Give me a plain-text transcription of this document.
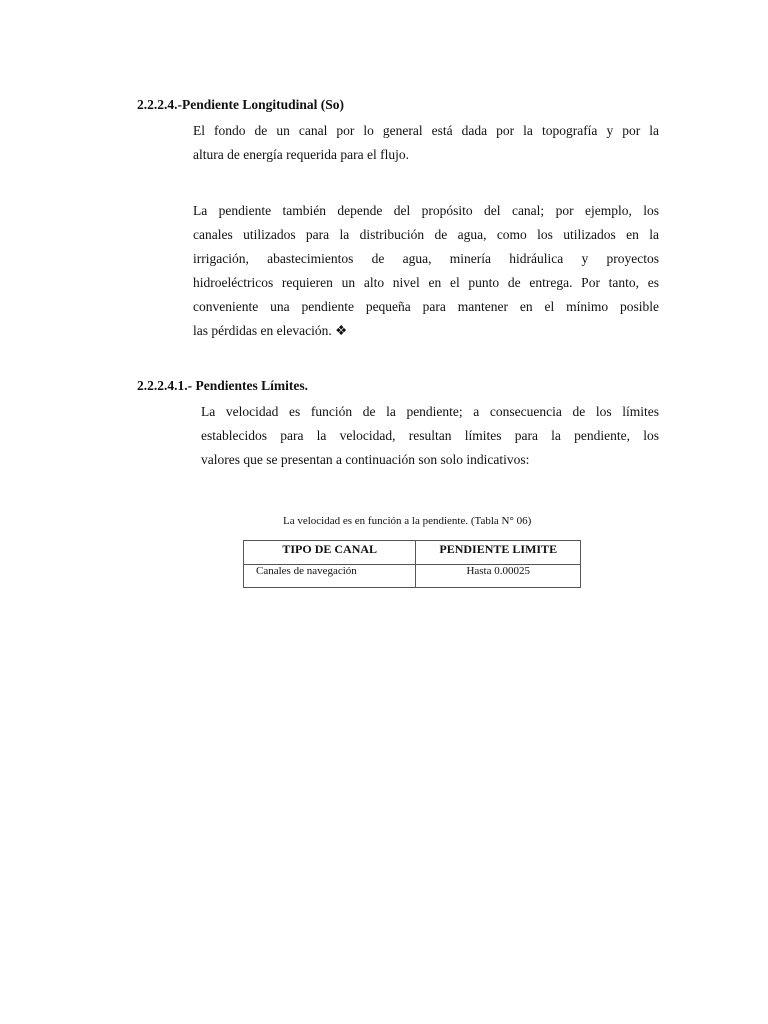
2.2.2.4.-Pendiente Longitudinal (So)
El fondo de un canal por lo general está dada por la topografía y por la
altura de energía requerida para el flujo.
La pendiente también depende del propósito del canal; por ejemplo, los
canales utilizados para la distribución de agua, como los utilizados en la
irrigación, abastecimientos de agua, minería hidráulica y proyectos
hidroeléctricos requieren un alto nivel en el punto de entrega. Por tanto, es
conveniente una pendiente pequeña para mantener en el mínimo posible
las pérdidas en elevación. ❖
2.2.2.4.1.- Pendientes Límites.
La velocidad es función de la pendiente; a consecuencia de los límites
establecidos para la velocidad, resultan límites para la pendiente, los
valores que se presentan a continuación son solo indicativos:
La velocidad es en función a la pendiente. (Tabla N° 06)
TIPO DE CANAL	PENDIENTE LIMITE

Canales de navegación	Hasta 0.00025
